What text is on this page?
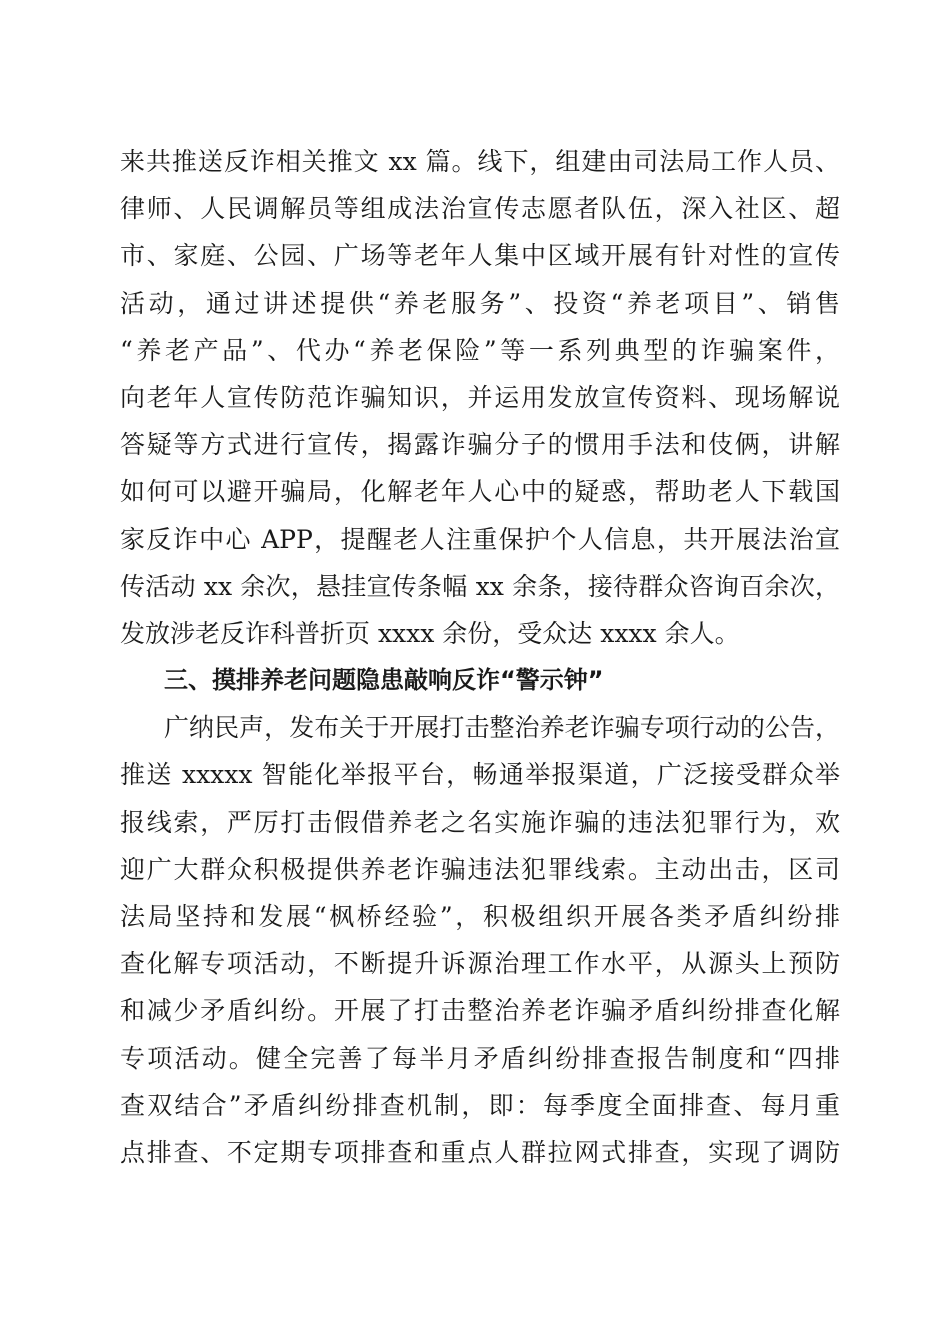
来共推送反诈相关推文 xx 篇。线下，组建由司法局工作人员、
律师、人民调解员等组成法治宣传志愿者队伍，深入社区、超
市、家庭、公园、广场等老年人集中区域开展有针对性的宣传
活动，通过讲述提供“养老服务”、投资“养老项目”、销售
“养老产品”、代办“养老保险”等一系列典型的诈骗案件，
向老年人宣传防范诈骗知识，并运用发放宣传资料、现场解说
答疑等方式进行宣传，揭露诈骗分子的惯用手法和伎俩，讲解
如何可以避开骗局，化解老年人心中的疑惑，帮助老人下载国
家反诈中心 APP，提醒老人注重保护个人信息，共开展法治宣
传活动 xx 余次，悬挂宣传条幅 xx 余条，接待群众咨询百余次，
发放涉老反诈科普折页 xxxx 余份，受众达 xxxx 余人。
三、摸排养老问题隐患敲响反诈“警示钟”
广纳民声，发布关于开展打击整治养老诈骗专项行动的公告，
推送 xxxxx 智能化举报平台，畅通举报渠道，广泛接受群众举
报线索，严厉打击假借养老之名实施诈骗的违法犯罪行为，欢
迎广大群众积极提供养老诈骗违法犯罪线索。主动出击，区司
法局坚持和发展“枫桥经验”，积极组织开展各类矛盾纠纷排
查化解专项活动，不断提升诉源治理工作水平，从源头上预防
和减少矛盾纠纷。开展了打击整治养老诈骗矛盾纠纷排查化解
专项活动。健全完善了每半月矛盾纠纷排查报告制度和“四排
查双结合”矛盾纠纷排查机制，即：每季度全面排查、每月重
点排查、不定期专项排查和重点人群拉网式排查，实现了调防
